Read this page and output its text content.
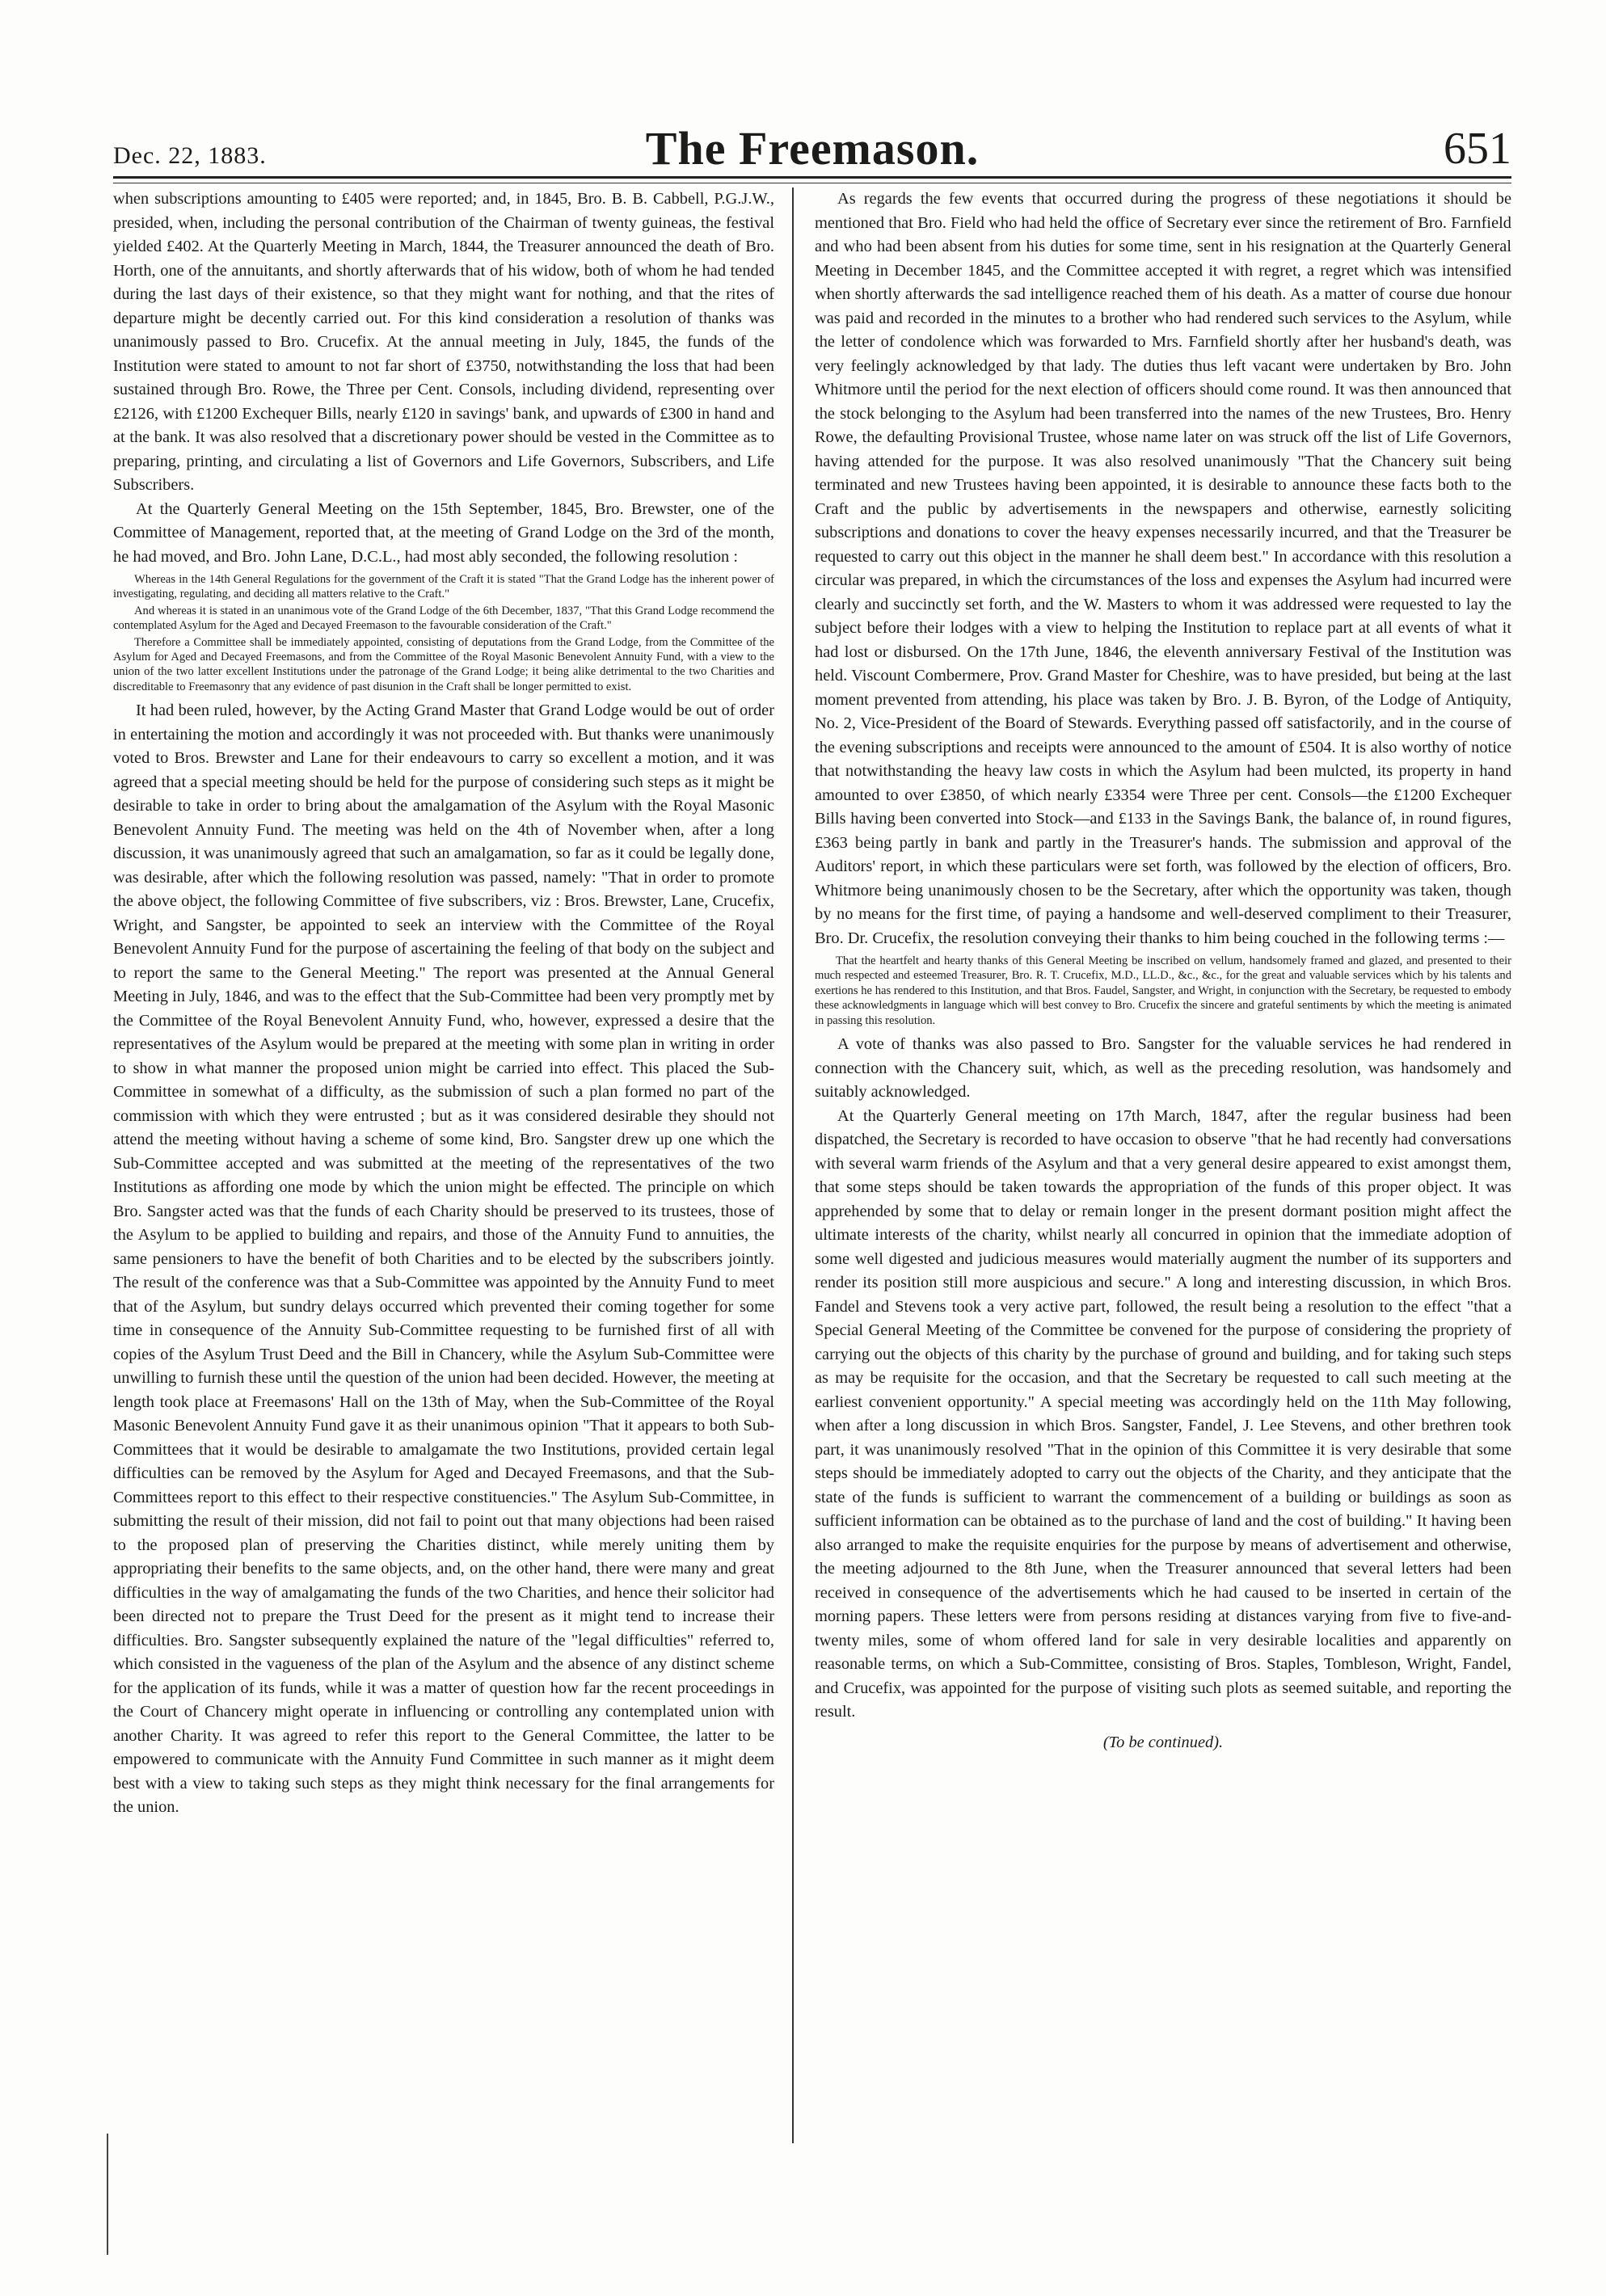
Dec. 22, 1883.	The Freemason.	651

when subscriptions amounting to £405 were reported; and, in 1845, Bro. B. B. Cabbell, P.G.J.W., presided, when, including the personal contribution of the Chairman of twenty guineas, the festival yielded £402. At the Quarterly Meeting in March, 1844, the Treasurer announced the death of Bro. Horth, one of the annuitants, and shortly afterwards that of his widow, both of whom he had tended during the last days of their existence, so that they might want for nothing, and that the rites of departure might be decently carried out. For this kind consideration a resolution of thanks was unanimously passed to Bro. Crucefix. At the annual meeting in July, 1845, the funds of the Institution were stated to amount to not far short of £3750, notwithstanding the loss that had been sustained through Bro. Rowe, the Three per Cent. Consols, including dividend, representing over £2126, with £1200 Exchequer Bills, nearly £120 in savings' bank, and upwards of £300 in hand and at the bank. It was also resolved that a discretionary power should be vested in the Committee as to preparing, printing, and circulating a list of Governors and Life Governors, Subscribers, and Life Subscribers.

At the Quarterly General Meeting on the 15th September, 1845, Bro. Brewster, one of the Committee of Management, reported that, at the meeting of Grand Lodge on the 3rd of the month, he had moved, and Bro. John Lane, D.C.L., had most ably seconded, the following resolution :

Whereas in the 14th General Regulations for the government of the Craft it is stated "That the Grand Lodge has the inherent power of investigating, regulating, and deciding all matters relative to the Craft."

And whereas it is stated in an unanimous vote of the Grand Lodge of the 6th December, 1837, "That this Grand Lodge recommend the contemplated Asylum for the Aged and Decayed Freemason to the favourable consideration of the Craft."

Therefore a Committee shall be immediately appointed, consisting of deputations from the Grand Lodge, from the Committee of the Asylum for Aged and Decayed Freemasons, and from the Committee of the Royal Masonic Benevolent Annuity Fund, with a view to the union of the two latter excellent Institutions under the patronage of the Grand Lodge; it being alike detrimental to the two Charities and discreditable to Freemasonry that any evidence of past disunion in the Craft shall be longer permitted to exist.

It had been ruled, however, by the Acting Grand Master that Grand Lodge would be out of order in entertaining the motion and accordingly it was not proceeded with. But thanks were unanimously voted to Bros. Brewster and Lane for their endeavours to carry so excellent a motion, and it was agreed that a special meeting should be held for the purpose of considering such steps as it might be desirable to take in order to bring about the amalgamation of the Asylum with the Royal Masonic Benevolent Annuity Fund. The meeting was held on the 4th of November when, after a long discussion, it was unanimously agreed that such an amalgamation, so far as it could be legally done, was desirable, after which the following resolution was passed, namely: "That in order to promote the above object, the following Committee of five subscribers, viz : Bros. Brewster, Lane, Crucefix, Wright, and Sangster, be appointed to seek an interview with the Committee of the Royal Benevolent Annuity Fund for the purpose of ascertaining the feeling of that body on the subject and to report the same to the General Meeting." The report was presented at the Annual General Meeting in July, 1846, and was to the effect that the Sub-Committee had been very promptly met by the Committee of the Royal Benevolent Annuity Fund, who, however, expressed a desire that the representatives of the Asylum would be prepared at the meeting with some plan in writing in order to show in what manner the proposed union might be carried into effect. This placed the Sub-Committee in somewhat of a difficulty, as the submission of such a plan formed no part of the commission with which they were entrusted ; but as it was considered desirable they should not attend the meeting without having a scheme of some kind, Bro. Sangster drew up one which the Sub-Committee accepted and was submitted at the meeting of the representatives of the two Institutions as affording one mode by which the union might be effected. The principle on which Bro. Sangster acted was that the funds of each Charity should be preserved to its trustees, those of the Asylum to be applied to building and repairs, and those of the Annuity Fund to annuities, the same pensioners to have the benefit of both Charities and to be elected by the subscribers jointly. The result of the conference was that a Sub-Committee was appointed by the Annuity Fund to meet that of the Asylum, but sundry delays occurred which prevented their coming together for some time in consequence of the Annuity Sub-Committee requesting to be furnished first of all with copies of the Asylum Trust Deed and the Bill in Chancery, while the Asylum Sub-Committee were unwilling to furnish these until the question of the union had been decided. However, the meeting at length took place at Freemasons' Hall on the 13th of May, when the Sub-Committee of the Royal Masonic Benevolent Annuity Fund gave it as their unanimous opinion "That it appears to both Sub-Committees that it would be desirable to amalgamate the two Institutions, provided certain legal difficulties can be removed by the Asylum for Aged and Decayed Freemasons, and that the Sub-Committees report to this effect to their respective constituencies." The Asylum Sub-Committee, in submitting the result of their mission, did not fail to point out that many objections had been raised to the proposed plan of preserving the Charities distinct, while merely uniting them by appropriating their benefits to the same objects, and, on the other hand, there were many and great difficulties in the way of amalgamating the funds of the two Charities, and hence their solicitor had been directed not to prepare the Trust Deed for the present as it might tend to increase their difficulties. Bro. Sangster subsequently explained the nature of the "legal difficulties" referred to, which consisted in the vagueness of the plan of the Asylum and the absence of any distinct scheme for the application of its funds, while it was a matter of question how far the recent proceedings in the Court of Chancery might operate in influencing or controlling any contemplated union with another Charity. It was agreed to refer this report to the General Committee, the latter to be empowered to communicate with the Annuity Fund Committee in such manner as it might deem best with a view to taking such steps as they might think necessary for the final arrangements for the union.

As regards the few events that occurred during the progress of these negotiations it should be mentioned that Bro. Field who had held the office of Secretary ever since the retirement of Bro. Farnfield and who had been absent from his duties for some time, sent in his resignation at the Quarterly General Meeting in December 1845, and the Committee accepted it with regret, a regret which was intensified when shortly afterwards the sad intelligence reached them of his death. As a matter of course due honour was paid and recorded in the minutes to a brother who had rendered such services to the Asylum, while the letter of condolence which was forwarded to Mrs. Farnfield shortly after her husband's death, was very feelingly acknowledged by that lady. The duties thus left vacant were undertaken by Bro. John Whitmore until the period for the next election of officers should come round. It was then announced that the stock belonging to the Asylum had been transferred into the names of the new Trustees, Bro. Henry Rowe, the defaulting Provisional Trustee, whose name later on was struck off the list of Life Governors, having attended for the purpose. It was also resolved unanimously "That the Chancery suit being terminated and new Trustees having been appointed, it is desirable to announce these facts both to the Craft and the public by advertisements in the newspapers and otherwise, earnestly soliciting subscriptions and donations to cover the heavy expenses necessarily incurred, and that the Treasurer be requested to carry out this object in the manner he shall deem best." In accordance with this resolution a circular was prepared, in which the circumstances of the loss and expenses the Asylum had incurred were clearly and succinctly set forth, and the W. Masters to whom it was addressed were requested to lay the subject before their lodges with a view to helping the Institution to replace part at all events of what it had lost or disbursed. On the 17th June, 1846, the eleventh anniversary Festival of the Institution was held. Viscount Combermere, Prov. Grand Master for Cheshire, was to have presided, but being at the last moment prevented from attending, his place was taken by Bro. J. B. Byron, of the Lodge of Antiquity, No. 2, Vice-President of the Board of Stewards. Everything passed off satisfactorily, and in the course of the evening subscriptions and receipts were announced to the amount of £504. It is also worthy of notice that notwithstanding the heavy law costs in which the Asylum had been mulcted, its property in hand amounted to over £3850, of which nearly £3354 were Three per cent. Consols—the £1200 Exchequer Bills having been converted into Stock—and £133 in the Savings Bank, the balance of, in round figures, £363 being partly in bank and partly in the Treasurer's hands. The submission and approval of the Auditors' report, in which these particulars were set forth, was followed by the election of officers, Bro. Whitmore being unanimously chosen to be the Secretary, after which the opportunity was taken, though by no means for the first time, of paying a handsome and well-deserved compliment to their Treasurer, Bro. Dr. Crucefix, the resolution conveying their thanks to him being couched in the following terms :—

That the heartfelt and hearty thanks of this General Meeting be inscribed on vellum, handsomely framed and glazed, and presented to their much respected and esteemed Treasurer, Bro. R. T. Crucefix, M.D., LL.D., &c., &c., for the great and valuable services which by his talents and exertions he has rendered to this Institution, and that Bros. Faudel, Sangster, and Wright, in conjunction with the Secretary, be requested to embody these acknowledgments in language which will best convey to Bro. Crucefix the sincere and grateful sentiments by which the meeting is animated in passing this resolution.

A vote of thanks was also passed to Bro. Sangster for the valuable services he had rendered in connection with the Chancery suit, which, as well as the preceding resolution, was handsomely and suitably acknowledged.

At the Quarterly General meeting on 17th March, 1847, after the regular business had been dispatched, the Secretary is recorded to have occasion to observe "that he had recently had conversations with several warm friends of the Asylum and that a very general desire appeared to exist amongst them, that some steps should be taken towards the appropriation of the funds of this proper object. It was apprehended by some that to delay or remain longer in the present dormant position might affect the ultimate interests of the charity, whilst nearly all concurred in opinion that the immediate adoption of some well digested and judicious measures would materially augment the number of its supporters and render its position still more auspicious and secure." A long and interesting discussion, in which Bros. Fandel and Stevens took a very active part, followed, the result being a resolution to the effect "that a Special General Meeting of the Committee be convened for the purpose of considering the propriety of carrying out the objects of this charity by the purchase of ground and building, and for taking such steps as may be requisite for the occasion, and that the Secretary be requested to call such meeting at the earliest convenient opportunity." A special meeting was accordingly held on the 11th May following, when after a long discussion in which Bros. Sangster, Fandel, J. Lee Stevens, and other brethren took part, it was unanimously resolved "That in the opinion of this Committee it is very desirable that some steps should be immediately adopted to carry out the objects of the Charity, and they anticipate that the state of the funds is sufficient to warrant the commencement of a building or buildings as soon as sufficient information can be obtained as to the purchase of land and the cost of building." It having been also arranged to make the requisite enquiries for the purpose by means of advertisement and otherwise, the meeting adjourned to the 8th June, when the Treasurer announced that several letters had been received in consequence of the advertisements which he had caused to be inserted in certain of the morning papers. These letters were from persons residing at distances varying from five to five-and-twenty miles, some of whom offered land for sale in very desirable localities and apparently on reasonable terms, on which a Sub-Committee, consisting of Bros. Staples, Tombleson, Wright, Fandel, and Crucefix, was appointed for the purpose of visiting such plots as seemed suitable, and reporting the result.

(To be continued).
